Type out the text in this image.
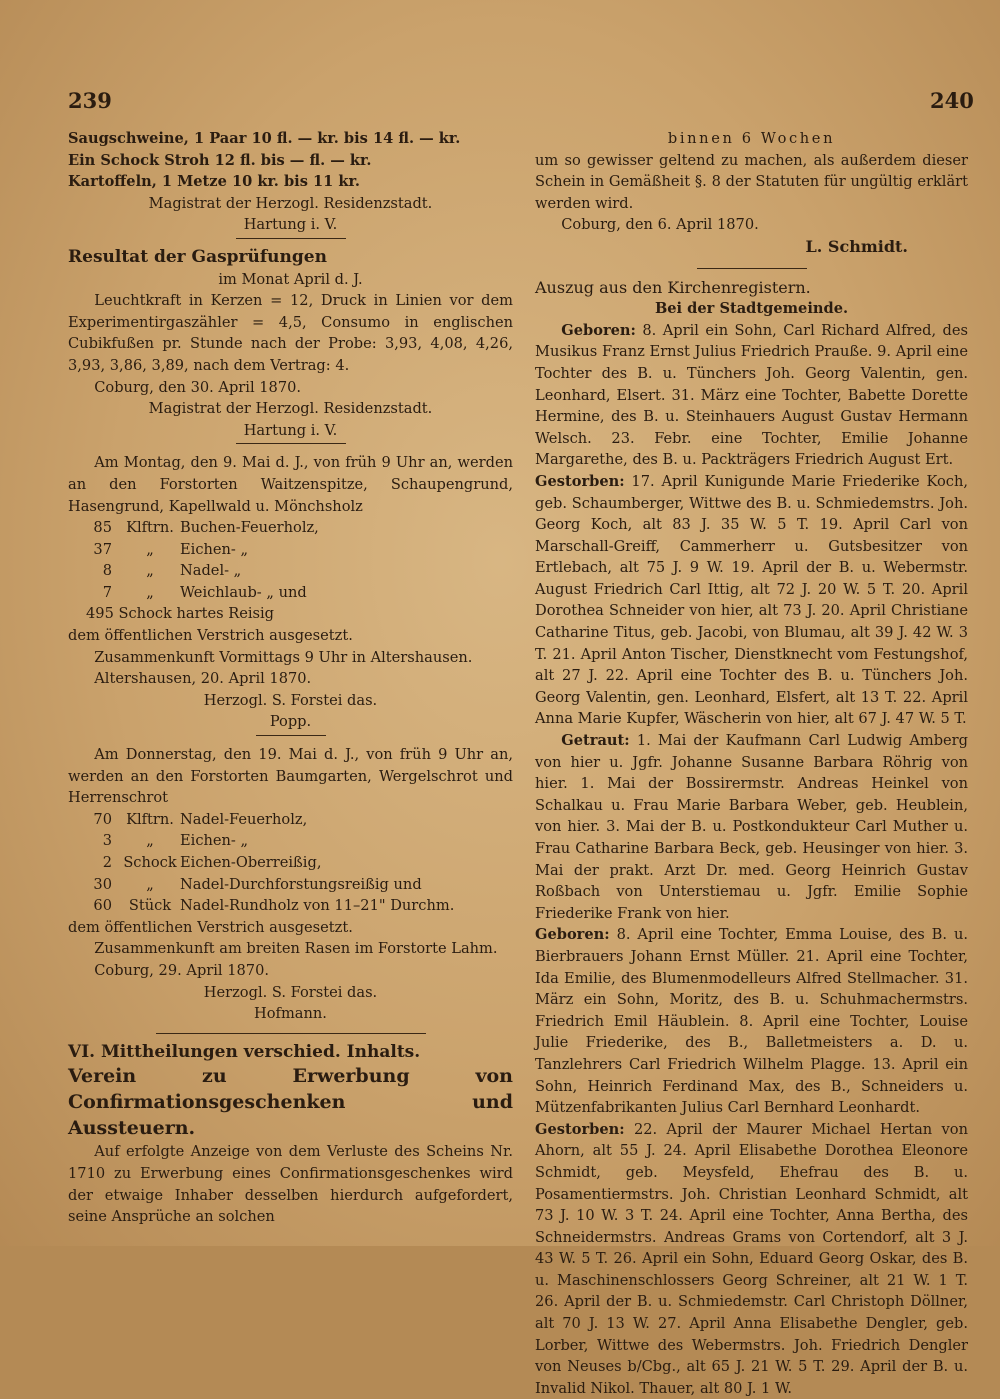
239	240

Saugschweine, 1 Paar 10 fl. — kr. bis 14 fl. — kr.

Ein Schock Stroh 12 fl. bis — fl. — kr.

Kartoffeln, 1 Metze 10 kr. bis 11 kr.

Magistrat der Herzogl. Residenzstadt.

Hartung i. V.

Resultat der Gasprüfungen

im Monat April d. J.

Leuchtkraft in Kerzen = 12, Druck in Linien vor dem Experimentirgaszähler = 4,5, Consumo in englischen Cubikfußen pr. Stunde nach der Probe: 3,93, 4,08, 4,26, 3,93, 3,86, 3,89, nach dem Vertrag: 4.

Coburg, den 30. April 1870.

Magistrat der Herzogl. Residenzstadt.

Hartung i. V.

Am Montag, den 9. Mai d. J., von früh 9 Uhr an, werden an den Forstorten Waitzenspitze, Schaupengrund, Hasengrund, Kapellwald u. Mönchsholz

85 Klftrn. Buchen-Feuerholz,
37	„	Eichen- „
8	„	Nadel- „
7	„	Weichlaub- „ und

495 Schock hartes Reisig

dem öffentlichen Verstrich ausgesetzt.

Zusammenkunft Vormittags 9 Uhr in Altershausen.

Altershausen, 20. April 1870.

Herzogl. S. Forstei das.

Popp.

Am Donnerstag, den 19. Mai d. J., von früh 9 Uhr an, werden an den Forstorten Baumgarten, Wergelschrot und Herrenschrot

70 Klftrn. Nadel-Feuerholz,
3	„	Eichen- „
2 Schock Eichen-Oberreißig,
30	„	Nadel-Durchforstungsreißig und
60	Stück Nadel-Rundholz von 11–21" Durchm.

dem öffentlichen Verstrich ausgesetzt.

Zusammenkunft am breiten Rasen im Forstorte Lahm.

Coburg, 29. April 1870.

Herzogl. S. Forstei das.

Hofmann.

VI. Mittheilungen verschied. Inhalts.

Verein zu Erwerbung von Confirmationsgeschenken und Aussteuern.

Auf erfolgte Anzeige von dem Verluste des Scheins Nr. 1710 zu Erwerbung eines Confirmationsgeschenkes wird der etwaige Inhaber desselben hierdurch aufgefordert, seine Ansprüche an solchen

binnen 6 Wochen

um so gewisser geltend zu machen, als außerdem dieser Schein in Gemäßheit §. 8 der Statuten für ungültig erklärt werden wird.

Coburg, den 6. April 1870.

L. Schmidt.

Auszug aus den Kirchenregistern.

Bei der Stadtgemeinde.

Geboren: 8. April ein Sohn, Carl Richard Alfred, des Musikus Franz Ernst Julius Friedrich Prauße. 9. April eine Tochter des B. u. Tünchers Joh. Georg Valentin, gen. Leonhard, Elsert. 31. März eine Tochter, Babette Dorette Hermine, des B. u. Steinhauers August Gustav Hermann Welsch. 23. Febr. eine Tochter, Emilie Johanne Margarethe, des B. u. Packträgers Friedrich August Ert.

Gestorben: 17. April Kunigunde Marie Friederike Koch, geb. Schaumberger, Wittwe des B. u. Schmiedemstrs. Joh. Georg Koch, alt 83 J. 35 W. 5 T. 19. April Carl von Marschall-Greiff, Cammerherr u. Gutsbesitzer von Ertlebach, alt 75 J. 9 W. 19. April der B. u. Webermstr. August Friedrich Carl Ittig, alt 72 J. 20 W. 5 T. 20. April Dorothea Schneider von hier, alt 73 J. 20. April Christiane Catharine Titus, geb. Jacobi, von Blumau, alt 39 J. 42 W. 3 T. 21. April Anton Tischer, Dienstknecht vom Festungshof, alt 27 J. 22. April eine Tochter des B. u. Tünchers Joh. Georg Valentin, gen. Leonhard, Elsfert, alt 13 T. 22. April Anna Marie Kupfer, Wäscherin von hier, alt 67 J. 47 W. 5 T.

Getraut: 1. Mai der Kaufmann Carl Ludwig Amberg von hier u. Jgfr. Johanne Susanne Barbara Röhrig von hier. 1. Mai der Bossirermstr. Andreas Heinkel von Schalkau u. Frau Marie Barbara Weber, geb. Heublein, von hier. 3. Mai der B. u. Postkondukteur Carl Muther u. Frau Catharine Barbara Beck, geb. Heusinger von hier. 3. Mai der prakt. Arzt Dr. med. Georg Heinrich Gustav Roßbach von Unterstiemau u. Jgfr. Emilie Sophie Friederike Frank von hier.

Geboren: 8. April eine Tochter, Emma Louise, des B. u. Bierbrauers Johann Ernst Müller. 21. April eine Tochter, Ida Emilie, des Blumenmodelleurs Alfred Stellmacher. 31. März ein Sohn, Moritz, des B. u. Schuhmachermstrs. Friedrich Emil Häublein. 8. April eine Tochter, Louise Julie Friederike, des B., Balletmeisters a. D. u. Tanzlehrers Carl Friedrich Wilhelm Plagge. 13. April ein Sohn, Heinrich Ferdinand Max, des B., Schneiders u. Mützenfabrikanten Julius Carl Bernhard Leonhardt.

Gestorben: 22. April der Maurer Michael Hertan von Ahorn, alt 55 J. 24. April Elisabethe Dorothea Eleonore Schmidt, geb. Meysfeld, Ehefrau des B. u. Posamentiermstrs. Joh. Christian Leonhard Schmidt, alt 73 J. 10 W. 3 T. 24. April eine Tochter, Anna Bertha, des Schneidermstrs. Andreas Grams von Cortendorf, alt 3 J. 43 W. 5 T. 26. April ein Sohn, Eduard Georg Oskar, des B. u. Maschinenschlossers Georg Schreiner, alt 21 W. 1 T. 26. April der B. u. Schmiedemstr. Carl Christoph Döllner, alt 70 J. 13 W. 27. April Anna Elisabethe Dengler, geb. Lorber, Wittwe des Webermstrs. Joh. Friedrich Dengler von Neuses b/Cbg., alt 65 J. 21 W. 5 T. 29. April der B. u. Invalid Nikol. Thauer, alt 80 J. 1 W.
